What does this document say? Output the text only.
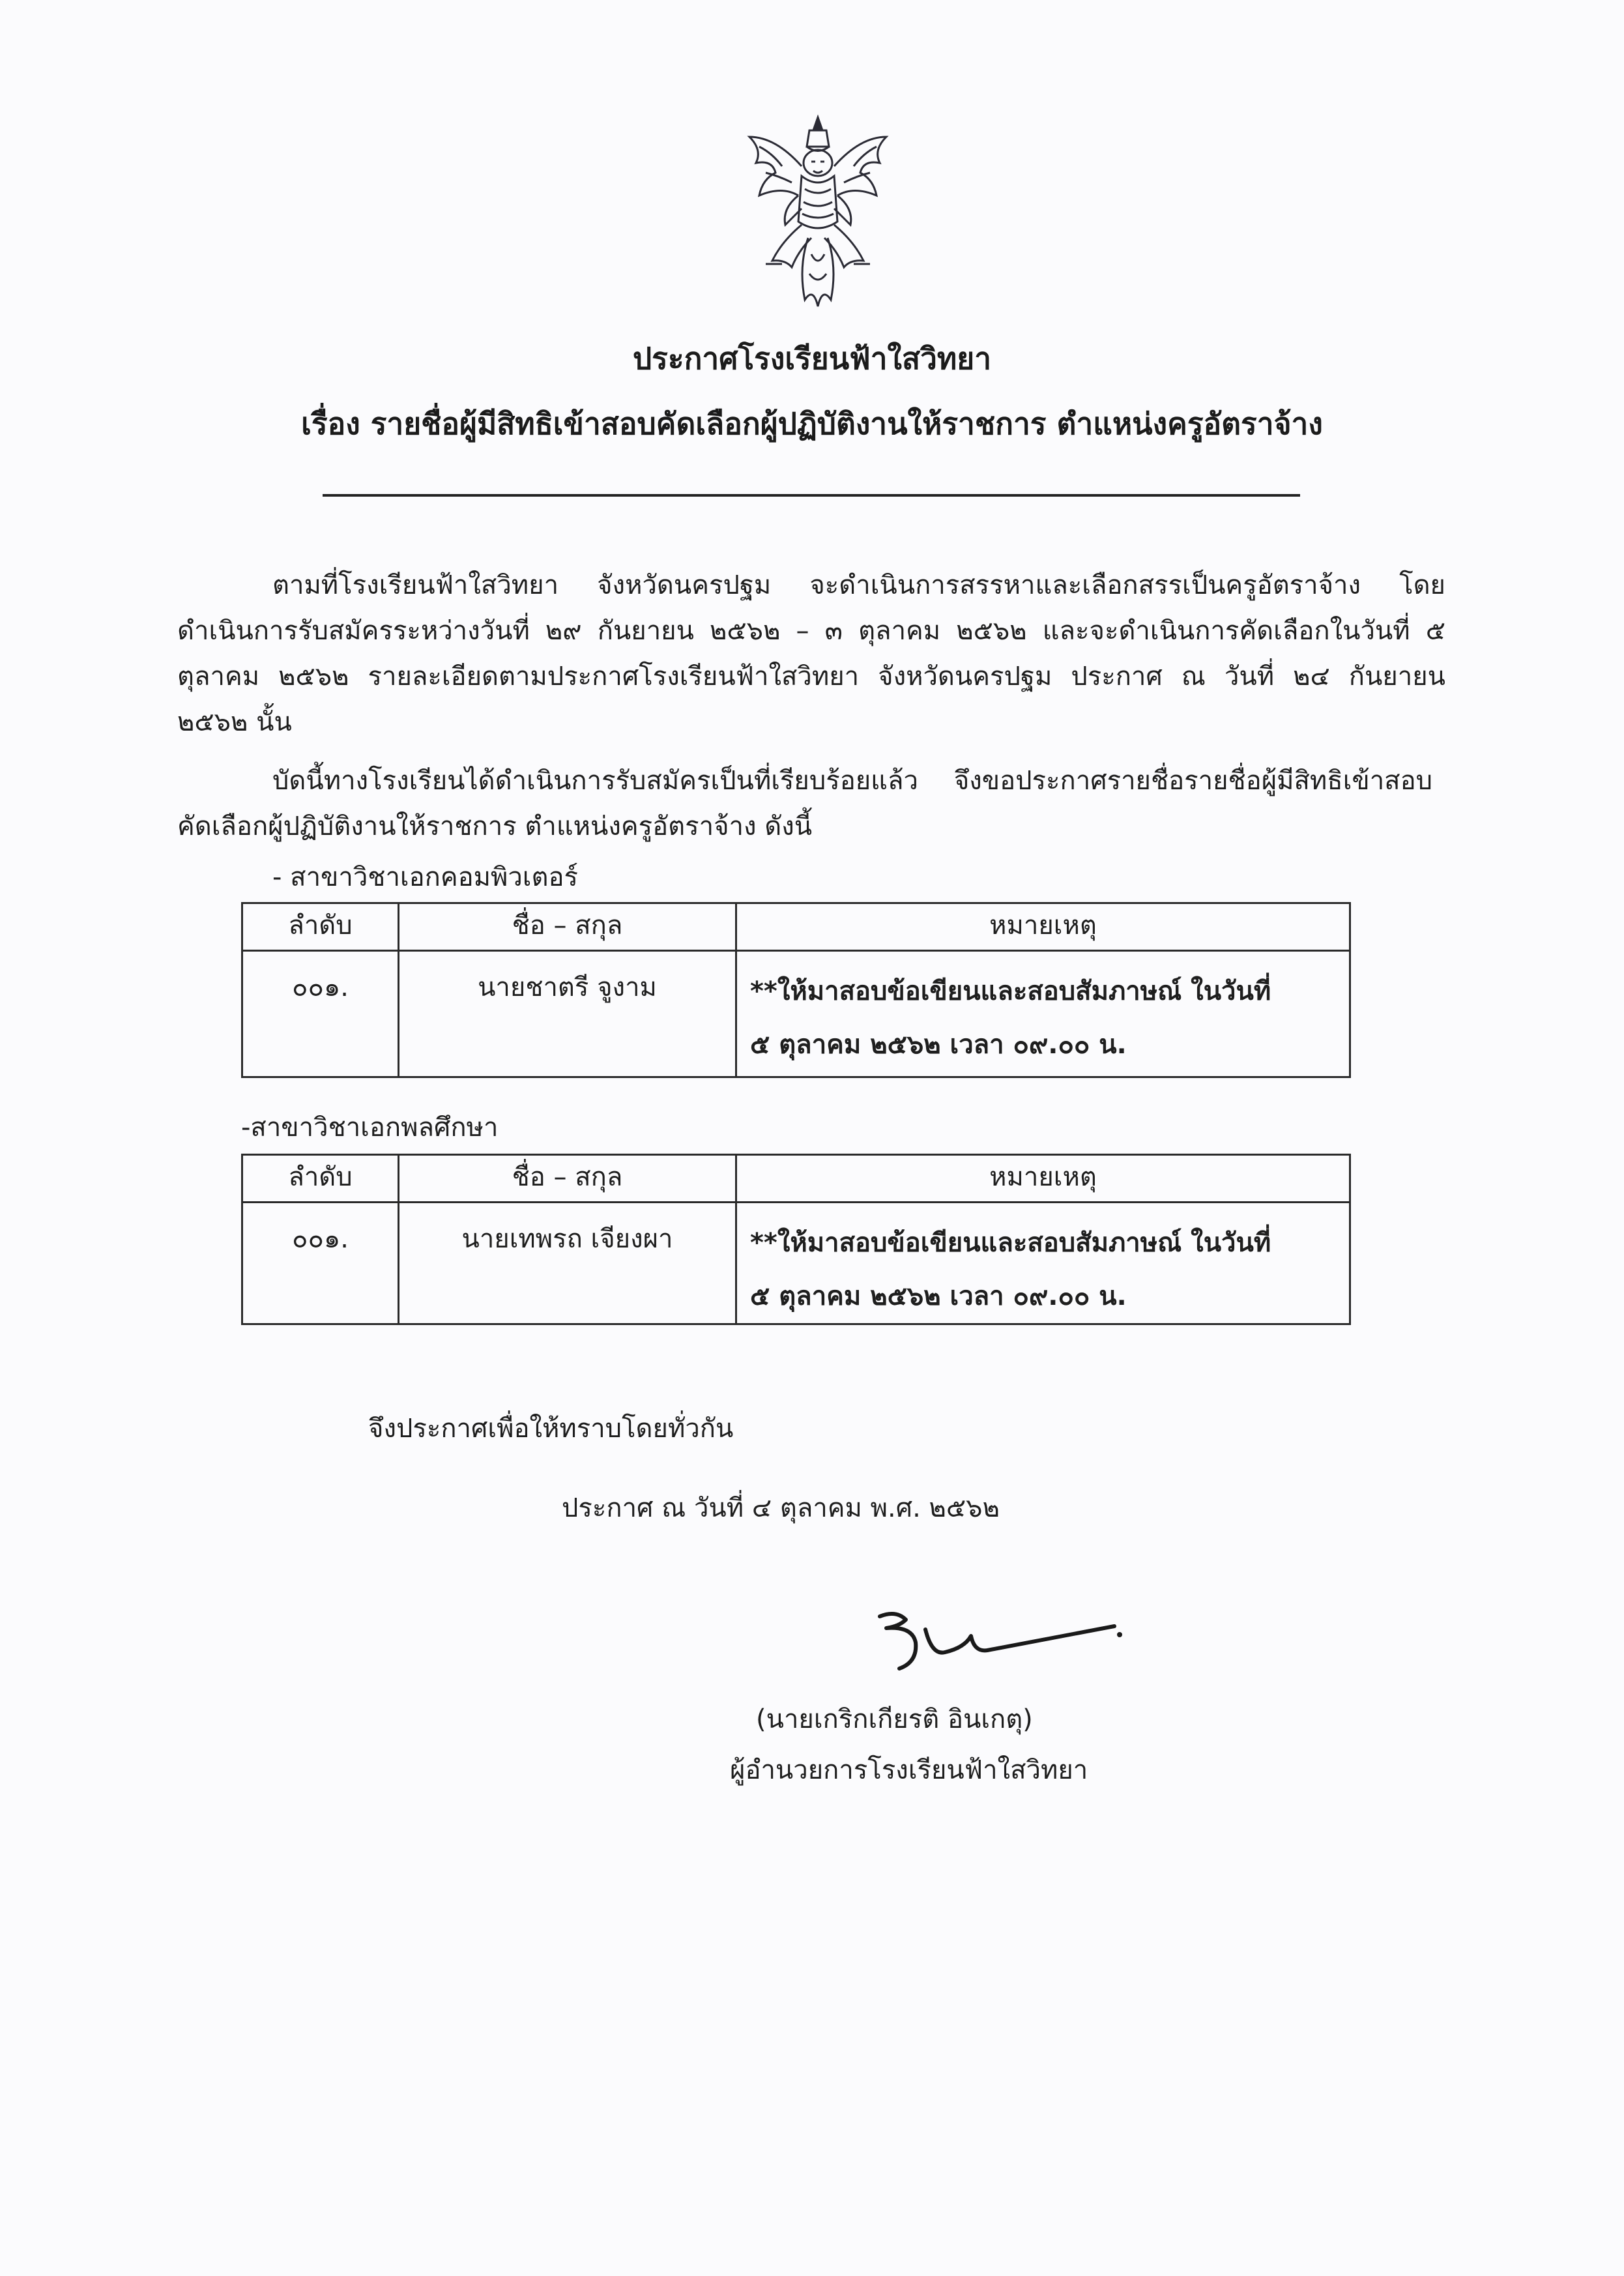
ประกาศโรงเรียนฟ้าใสวิทยา
เรื่อง รายชื่อผู้มีสิทธิเข้าสอบคัดเลือกผู้ปฏิบัติงานให้ราชการ ตำแหน่งครูอัตราจ้าง
ตามที่โรงเรียนฟ้าใสวิทยา จังหวัดนครปฐม จะดำเนินการสรรหาและเลือกสรรเป็นครูอัตราจ้าง โดย
ดำเนินการรับสมัครระหว่างวันที่ ๒๙ กันยายน ๒๕๖๒ – ๓ ตุลาคม ๒๕๖๒ และจะดำเนินการคัดเลือกในวันที่ ๕
ตุลาคม ๒๕๖๒ รายละเอียดตามประกาศโรงเรียนฟ้าใสวิทยา จังหวัดนครปฐม ประกาศ ณ วันที่ ๒๔ กันยายน
๒๕๖๒ นั้น
บัดนี้ทางโรงเรียนได้ดำเนินการรับสมัครเป็นที่เรียบร้อยแล้ว จึงขอประกาศรายชื่อรายชื่อผู้มีสิทธิเข้าสอบ
คัดเลือกผู้ปฏิบัติงานให้ราชการ ตำแหน่งครูอัตราจ้าง ดังนี้
- สาขาวิชาเอกคอมพิวเตอร์
ลำดับ	ชื่อ – สกุล	หมายเหตุ
๐๐๑.	นายชาตรี จูงาม	**ให้มาสอบข้อเขียนและสอบสัมภาษณ์ ในวันที่
๕ ตุลาคม ๒๕๖๒ เวลา ๐๙.๐๐ น.
-สาขาวิชาเอกพลศึกษา
ลำดับ	ชื่อ – สกุล	หมายเหตุ
๐๐๑.	นายเทพรถ เจียงผา	**ให้มาสอบข้อเขียนและสอบสัมภาษณ์ ในวันที่
๕ ตุลาคม ๒๕๖๒ เวลา ๐๙.๐๐ น.
จึงประกาศเพื่อให้ทราบโดยทั่วกัน
ประกาศ ณ วันที่ ๔ ตุลาคม พ.ศ. ๒๕๖๒
(นายเกริกเกียรติ อินเกตุ)
ผู้อำนวยการโรงเรียนฟ้าใสวิทยา
